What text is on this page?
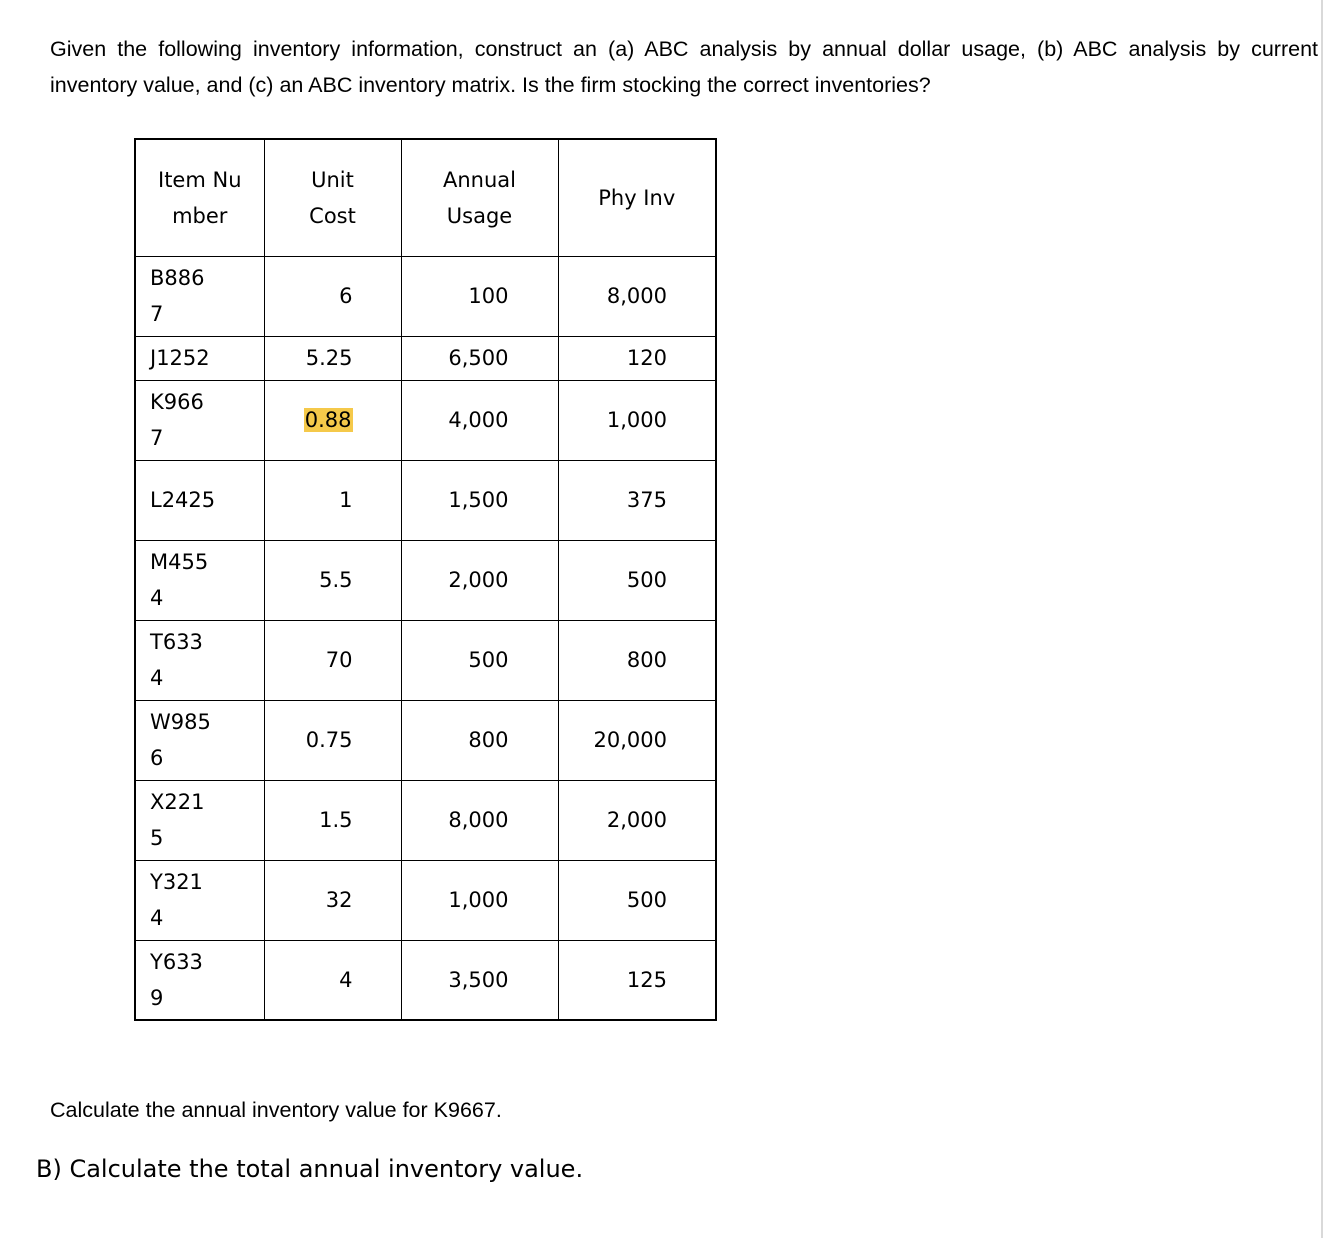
Given the following inventory information, construct an (a) ABC analysis by annual dollar usage, (b) ABC analysis by current inventory value, and (c) an ABC inventory matrix. Is the firm stocking the correct inventories?

Item Number	Unit Cost	Annual Usage	Phy Inv

B8867	6	100	8,000

J1252	5.25	6,500	120

K9667	0.88	4,000	1,000

L2425	1	1,500	375

M4554	5.5	2,000	500

T6334	70	500	800

W9856	0.75	800	20,000

X2215	1.5	8,000	2,000

Y3214	32	1,000	500

Y6339	4	3,500	125

Calculate the annual inventory value for K9667.

B) Calculate the total annual inventory value.
